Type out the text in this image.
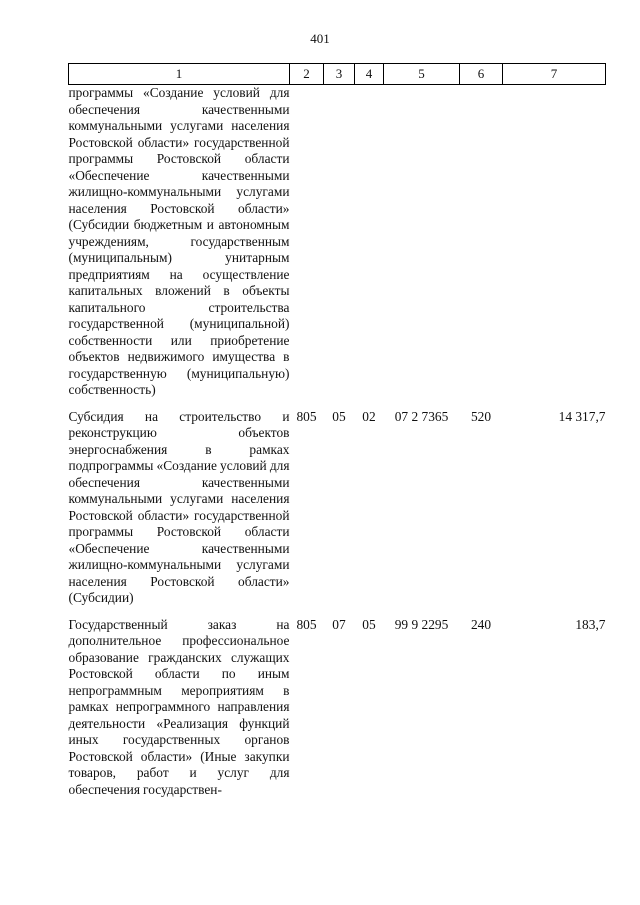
401
1	2	3	4	5	6	7
программы «Создание условий для обеспечения качественными коммунальными услугами населения Ростовской области» государственной программы Ростовской области «Обеспечение качественными жилищно-коммунальными услугами населения Ростовской области» (Субсидии бюджетным и автономным учреждениям, государственным (муниципальным) унитарным предприятиям на осуществление капитальных вложений в объекты капитального строительства государственной (муниципальной) собственности или приобретение объектов недвижимого имущества в государственную (муниципальную) собственность)						
Субсидия на строительство и реконструкцию объектов энергоснабжения в рамках подпрограммы «Создание условий для обеспечения качественными коммунальными услугами населения Ростовской области» государственной программы Ростовской области «Обеспечение качественными жилищно-коммунальными услугами населения Ростовской области» (Субсидии)	805	05	02	07 2 7365	520	14 317,7
Государственный заказ на дополнительное профессиональное образование гражданских служащих Ростовской области по иным непрограммным мероприятиям в рамках непрограммного направления деятельности «Реализация функций иных государственных органов Ростовской области» (Иные закупки товаров, работ и услуг для обеспечения государствен-	805	07	05	99 9 2295	240	183,7
